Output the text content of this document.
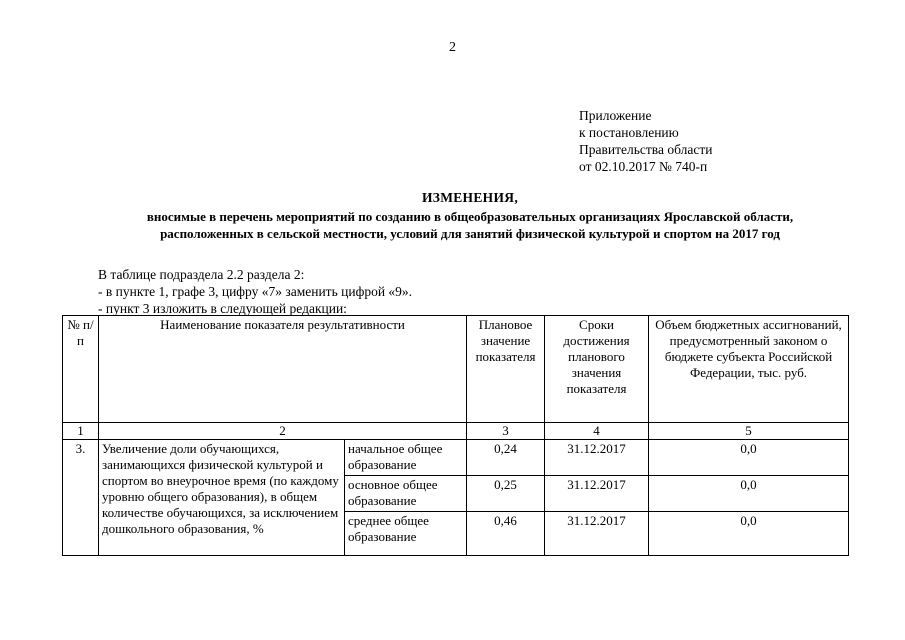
2
Приложение
к постановлению
Правительства области
от 02.10.2017 № 740-п
ИЗМЕНЕНИЯ,
вносимые в перечень мероприятий по созданию в общеобразовательных организациях Ярославской области,
расположенных в сельской местности, условий для занятий физической культурой и спортом на 2017 год
В таблице подраздела 2.2 раздела 2:
- в пункте 1, графе 3, цифру «7» заменить цифрой «9».
- пункт 3 изложить в следующей редакции:
№ п/п	Наименование показателя результативности		Плановое значение показателя	Сроки достижения планового значения показателя	Объем бюджетных ассигнований, предусмотренный законом о бюджете субъекта Российской Федерации, тыс. руб.
1	2		3	4	5
3.	Увеличение доли обучающихся, занимающихся физической культурой и спортом во внеурочное время (по каждому уровню общего образования), в общем количестве обучающихся, за исключением дошкольного образования, %	начальное общее образование	0,24	31.12.2017	0,0
		основное общее образование	0,25	31.12.2017	0,0
		среднее общее образование	0,46	31.12.2017	0,0
